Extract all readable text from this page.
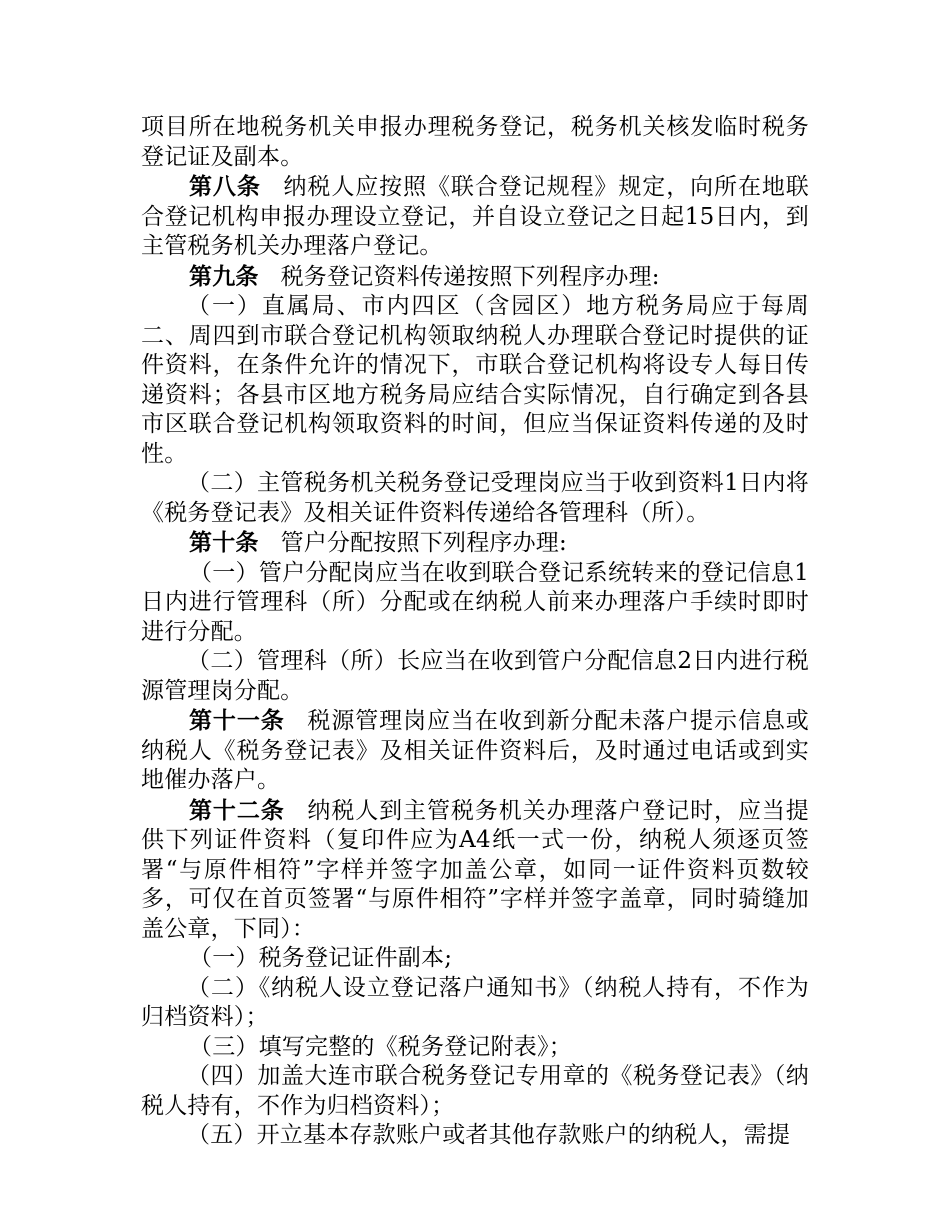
项目所在地税务机关申报办理税务登记，税务机关核发临时税务登记证及副本。

第八条 纳税人应按照《联合登记规程》规定，向所在地联合登记机构申报办理设立登记，并自设立登记之日起15日内，到主管税务机关办理落户登记。

第九条 税务登记资料传递按照下列程序办理:

（一）直属局、市内四区（含园区）地方税务局应于每周二、周四到市联合登记机构领取纳税人办理联合登记时提供的证件资料，在条件允许的情况下，市联合登记机构将设专人每日传递资料；各县市区地方税务局应结合实际情况，自行确定到各县市区联合登记机构领取资料的时间，但应当保证资料传递的及时性。

（二）主管税务机关税务登记受理岗应当于收到资料1日内将《税务登记表》及相关证件资料传递给各管理科（所）。

第十条 管户分配按照下列程序办理:

（一）管户分配岗应当在收到联合登记系统转来的登记信息1日内进行管理科（所）分配或在纳税人前来办理落户手续时即时进行分配。

（二）管理科（所）长应当在收到管户分配信息2日内进行税源管理岗分配。

第十一条 税源管理岗应当在收到新分配未落户提示信息或纳税人《税务登记表》及相关证件资料后，及时通过电话或到实地催办落户。

第十二条 纳税人到主管税务机关办理落户登记时，应当提供下列证件资料（复印件应为A4纸一式一份，纳税人须逐页签署“与原件相符”字样并签字加盖公章，如同一证件资料页数较多，可仅在首页签署“与原件相符”字样并签字盖章，同时骑缝加盖公章，下同）：

（一）税务登记证件副本;

（二）《纳税人设立登记落户通知书》（纳税人持有，不作为归档资料）；

（三）填写完整的《税务登记附表》；

（四）加盖大连市联合税务登记专用章的《税务登记表》（纳税人持有，不作为归档资料）；

（五）开立基本存款账户或者其他存款账户的纳税人，需提
